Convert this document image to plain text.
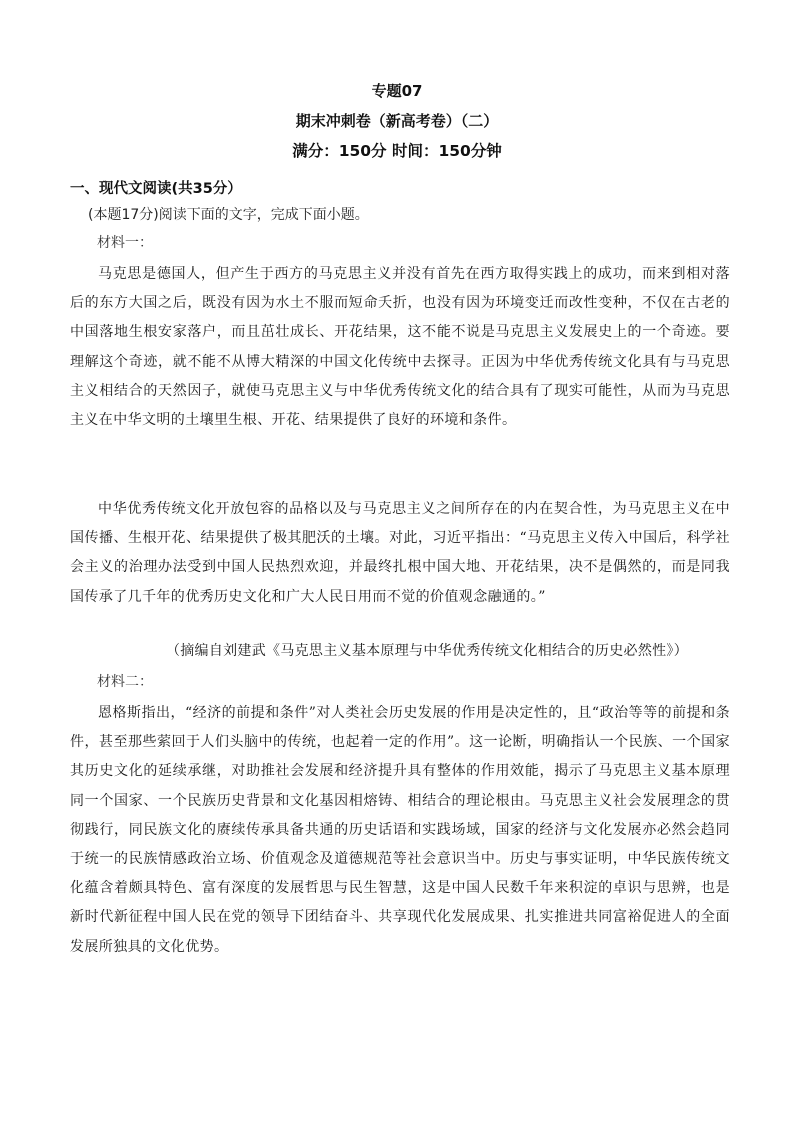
专题07
期末冲刺卷（新高考卷）（二）
满分：150分 时间：150分钟
一、现代文阅读(共35分）
(本题17分)阅读下面的文字，完成下面小题。
材料一：

马克思是德国人，但产生于西方的马克思主义并没有首先在西方取得实践上的成功，而来到相对落后的东方大国之后，既没有因为水土不服而短命夭折，也没有因为环境变迁而改性变种，不仅在古老的中国落地生根安家落户，而且茁壮成长、开花结果，这不能不说是马克思主义发展史上的一个奇迹。要理解这个奇迹，就不能不从博大精深的中国文化传统中去探寻。正因为中华优秀传统文化具有与马克思主义相结合的天然因子，就使马克思主义与中华优秀传统文化的结合具有了现实可能性，从而为马克思主义在中华文明的土壤里生根、开花、结果提供了良好的环境和条件。

中华优秀传统文化开放包容的品格以及与马克思主义之间所存在的内在契合性，为马克思主义在中国传播、生根开花、结果提供了极其肥沃的土壤。对此，习近平指出：“马克思主义传入中国后，科学社会主义的治理办法受到中国人民热烈欢迎，并最终扎根中国大地、开花结果，决不是偶然的，而是同我国传承了几千年的优秀历史文化和广大人民日用而不觉的价值观念融通的。”

（摘编自刘建武《马克思主义基本原理与中华优秀传统文化相结合的历史必然性》）
材料二：

恩格斯指出，“经济的前提和条件”对人类社会历史发展的作用是决定性的，且“政治等等的前提和条件，甚至那些萦回于人们头脑中的传统，也起着一定的作用”。这一论断，明确指认一个民族、一个国家其历史文化的延续承继，对助推社会发展和经济提升具有整体的作用效能，揭示了马克思主义基本原理同一个国家、一个民族历史背景和文化基因相熔铸、相结合的理论根由。马克思主义社会发展理念的贯彻践行，同民族文化的赓续传承具备共通的历史话语和实践场域，国家的经济与文化发展亦必然会趋同于统一的民族情感政治立场、价值观念及道德规范等社会意识当中。历史与事实证明，中华民族传统文化蕴含着颇具特色、富有深度的发展哲思与民生智慧，这是中国人民数千年来积淀的卓识与思辨，也是新时代新征程中国人民在党的领导下团结奋斗、共享现代化发展成果、扎实推进共同富裕促进人的全面发展所独具的文化优势。
